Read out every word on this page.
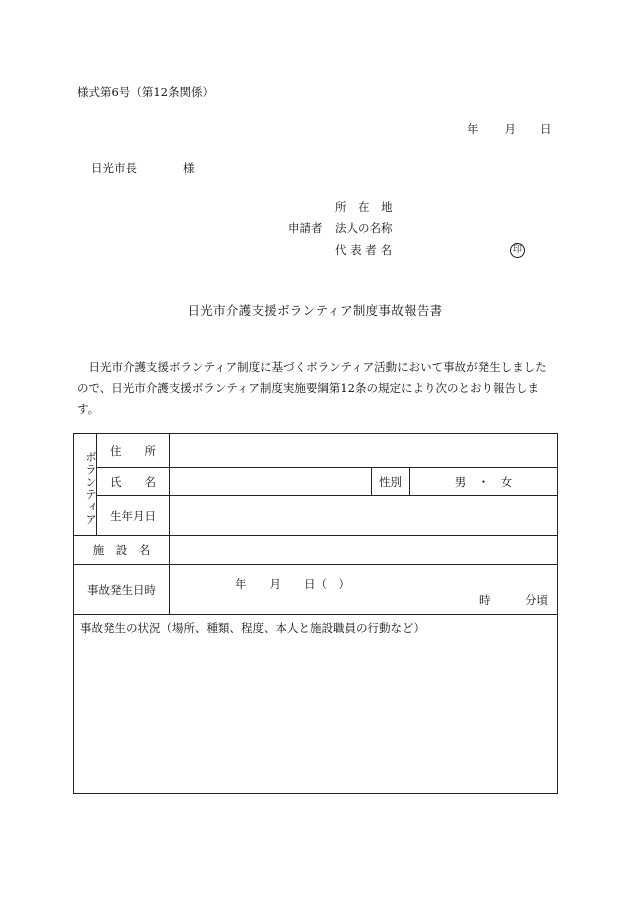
様式第6号（第12条関係）
年 月 日
日光市長	様
所　在　地
申請者 法人の名称
代 表 者 名	印
日光市介護支援ボランティア制度事故報告書
　日光市介護支援ボランティア制度に基づくボランティア活動において事故が発生しましたので、日光市介護支援ボランティア制度実施要綱第12条の規定により次のとおり報告します。
ボランティア	住　　所			
	氏　　名		性別	男　・　女
	生年月日			
施　設　名				
事故発生日時		年　　月　　日（　）
時　　　分頃		

事故発生の状況（場所、種類、程度、本人と施設職員の行動など）				
